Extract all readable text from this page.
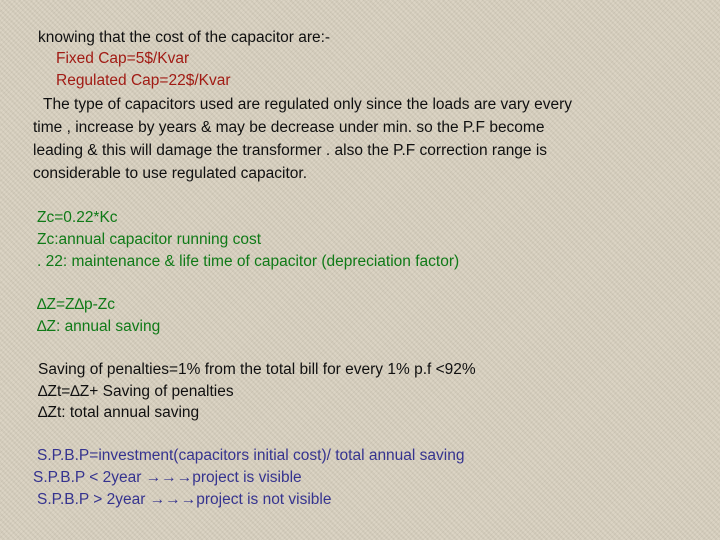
knowing that the cost of the capacitor are:-
Fixed Cap=5$/Kvar
Regulated Cap=22$/Kvar
The type of capacitors used are regulated only since the loads are vary every
time , increase by years & may be decrease under min. so the P.F become
leading & this will damage the transformer . also the P.F correction range is
considerable to use regulated capacitor.
Zc=0.22*Kc
Zc:annual capacitor running cost
. 22: maintenance & life time of capacitor (depreciation factor)
∆Z=Z∆p-Zc
∆Z: annual saving
Saving of penalties=1% from the total bill for every 1% p.f <92%
∆Zt=∆Z+ Saving of penalties
∆Zt: total annual saving
S.P.B.P=investment(capacitors initial cost)/ total annual saving
S.P.B.P < 2year →→→project is visible
S.P.B.P > 2year →→→project is not visible
